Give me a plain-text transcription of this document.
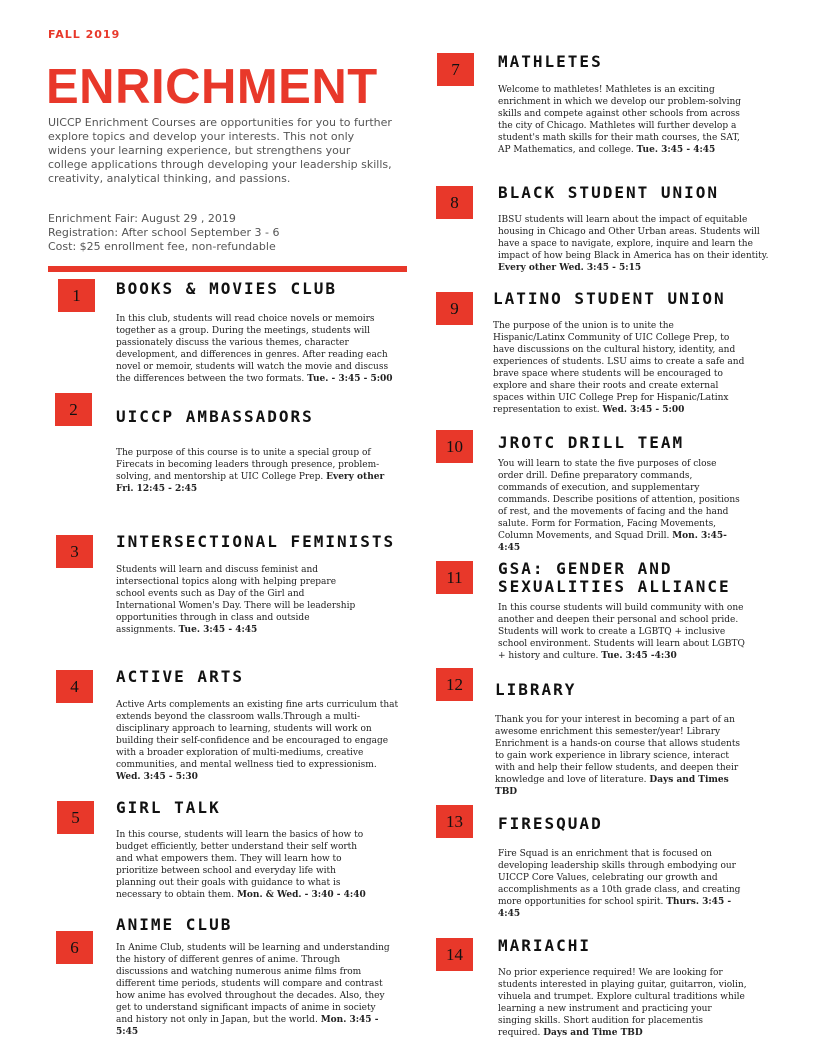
FALL 2019
ENRICHMENT
UICCP Enrichment Courses are opportunities for you to further explore topics and develop your interests. This not only widens your learning experience, but strengthens your college applications through developing your leadership skills, creativity, analytical thinking, and passions.
Enrichment Fair: August 29 , 2019
Registration: After school September 3 - 6
Cost: $25 enrollment fee, non-refundable
1	BOOKS & MOVIES CLUB
In this club, students will read choice novels or memoirs together as a group. During the meetings, students will passionately discuss the various themes, character development, and differences in genres. After reading each novel or memoir, students will watch the movie and discuss the differences between the two formats. Tue. - 3:45 - 5:00
2	UICCP AMBASSADORS
The purpose of this course is to unite a special group of Firecats in becoming leaders through presence, problem-solving, and mentorship at UIC College Prep. Every other Fri. 12:45 - 2:45
3	INTERSECTIONAL FEMINISTS
Students will learn and discuss feminist and intersectional topics along with helping prepare school events such as Day of the Girl and International Women's Day. There will be leadership opportunities through in class and outside assignments. Tue. 3:45 - 4:45
4	ACTIVE ARTS
Active Arts complements an existing fine arts curriculum that extends beyond the classroom walls.Through a multi-disciplinary approach to learning, students will work on building their self-confidence and be encouraged to engage with a broader exploration of multi-mediums, creative communities, and mental wellness tied to expressionism. Wed. 3:45 - 5:30
5	GIRL TALK
In this course, students will learn the basics of how to budget efficiently, better understand their self worth and what empowers them. They will learn how to prioritize between school and everyday life with planning out their goals with guidance to what is necessary to obtain them. Mon. & Wed. - 3:40 - 4:40
6
ANIME CLUB
In Anime Club, students will be learning and understanding the history of different genres of anime. Through discussions and watching numerous anime films from different time periods, students will compare and contrast how anime has evolved throughout the decades. Also, they get to understand significant impacts of anime in society and history not only in Japan, but the world. Mon. 3:45 - 5:45
7	MATHLETES
Welcome to mathletes! Mathletes is an exciting enrichment in which we develop our problem-solving skills and compete against other schools from across the city of Chicago. Mathletes will further develop a student's math skills for their math courses, the SAT, AP Mathematics, and college. Tue. 3:45 - 4:45
8	BLACK STUDENT UNION
IBSU students will learn about the impact of equitable housing in Chicago and Other Urban areas. Students will have a space to navigate, explore, inquire and learn the impact of how being Black in America has on their identity. Every other Wed. 3:45 - 5:15
9	LATINO STUDENT UNION
The purpose of the union is to unite the Hispanic/Latinx Community of UIC College Prep, to have discussions on the cultural history, identity, and experiences of students. LSU aims to create a safe and brave space where students will be encouraged to explore and share their roots and create external spaces within UIC College Prep for Hispanic/Latinx representation to exist. Wed. 3:45 - 5:00
10	JROTC DRILL TEAM
You will learn to state the five purposes of close order drill. Define preparatory commands, commands of execution, and supplementary commands. Describe positions of attention, positions of rest, and the movements of facing and the hand salute. Form for Formation, Facing Movements, Column Movements, and Squad Drill. Mon. 3:45- 4:45
11	GSA: GENDER AND SEXUALITIES ALLIANCE
In this course students will build community with one another and deepen their personal and school pride. Students will work to create a LGBTQ + inclusive school environment. Students will learn about LGBTQ + history and culture. Tue. 3:45 -4:30
12	LIBRARY
Thank you for your interest in becoming a part of an awesome enrichment this semester/year! Library Enrichment is a hands-on course that allows students to gain work experience in library science, interact with and help their fellow students, and deepen their knowledge and love of literature. Days and Times TBD
13	FIRESQUAD
Fire Squad is an enrichment that is focused on developing leadership skills through embodying our UICCP Core Values, celebrating our growth and accomplishments as a 10th grade class, and creating more opportunities for school spirit. Thurs. 3:45 - 4:45
14	MARIACHI
No prior experience required! We are looking for students interested in playing guitar, guitarron, violin, vihuela and trumpet. Explore cultural traditions while learning a new instrument and practicing your singing skills. Short audition for placementis required. Days and Time TBD
